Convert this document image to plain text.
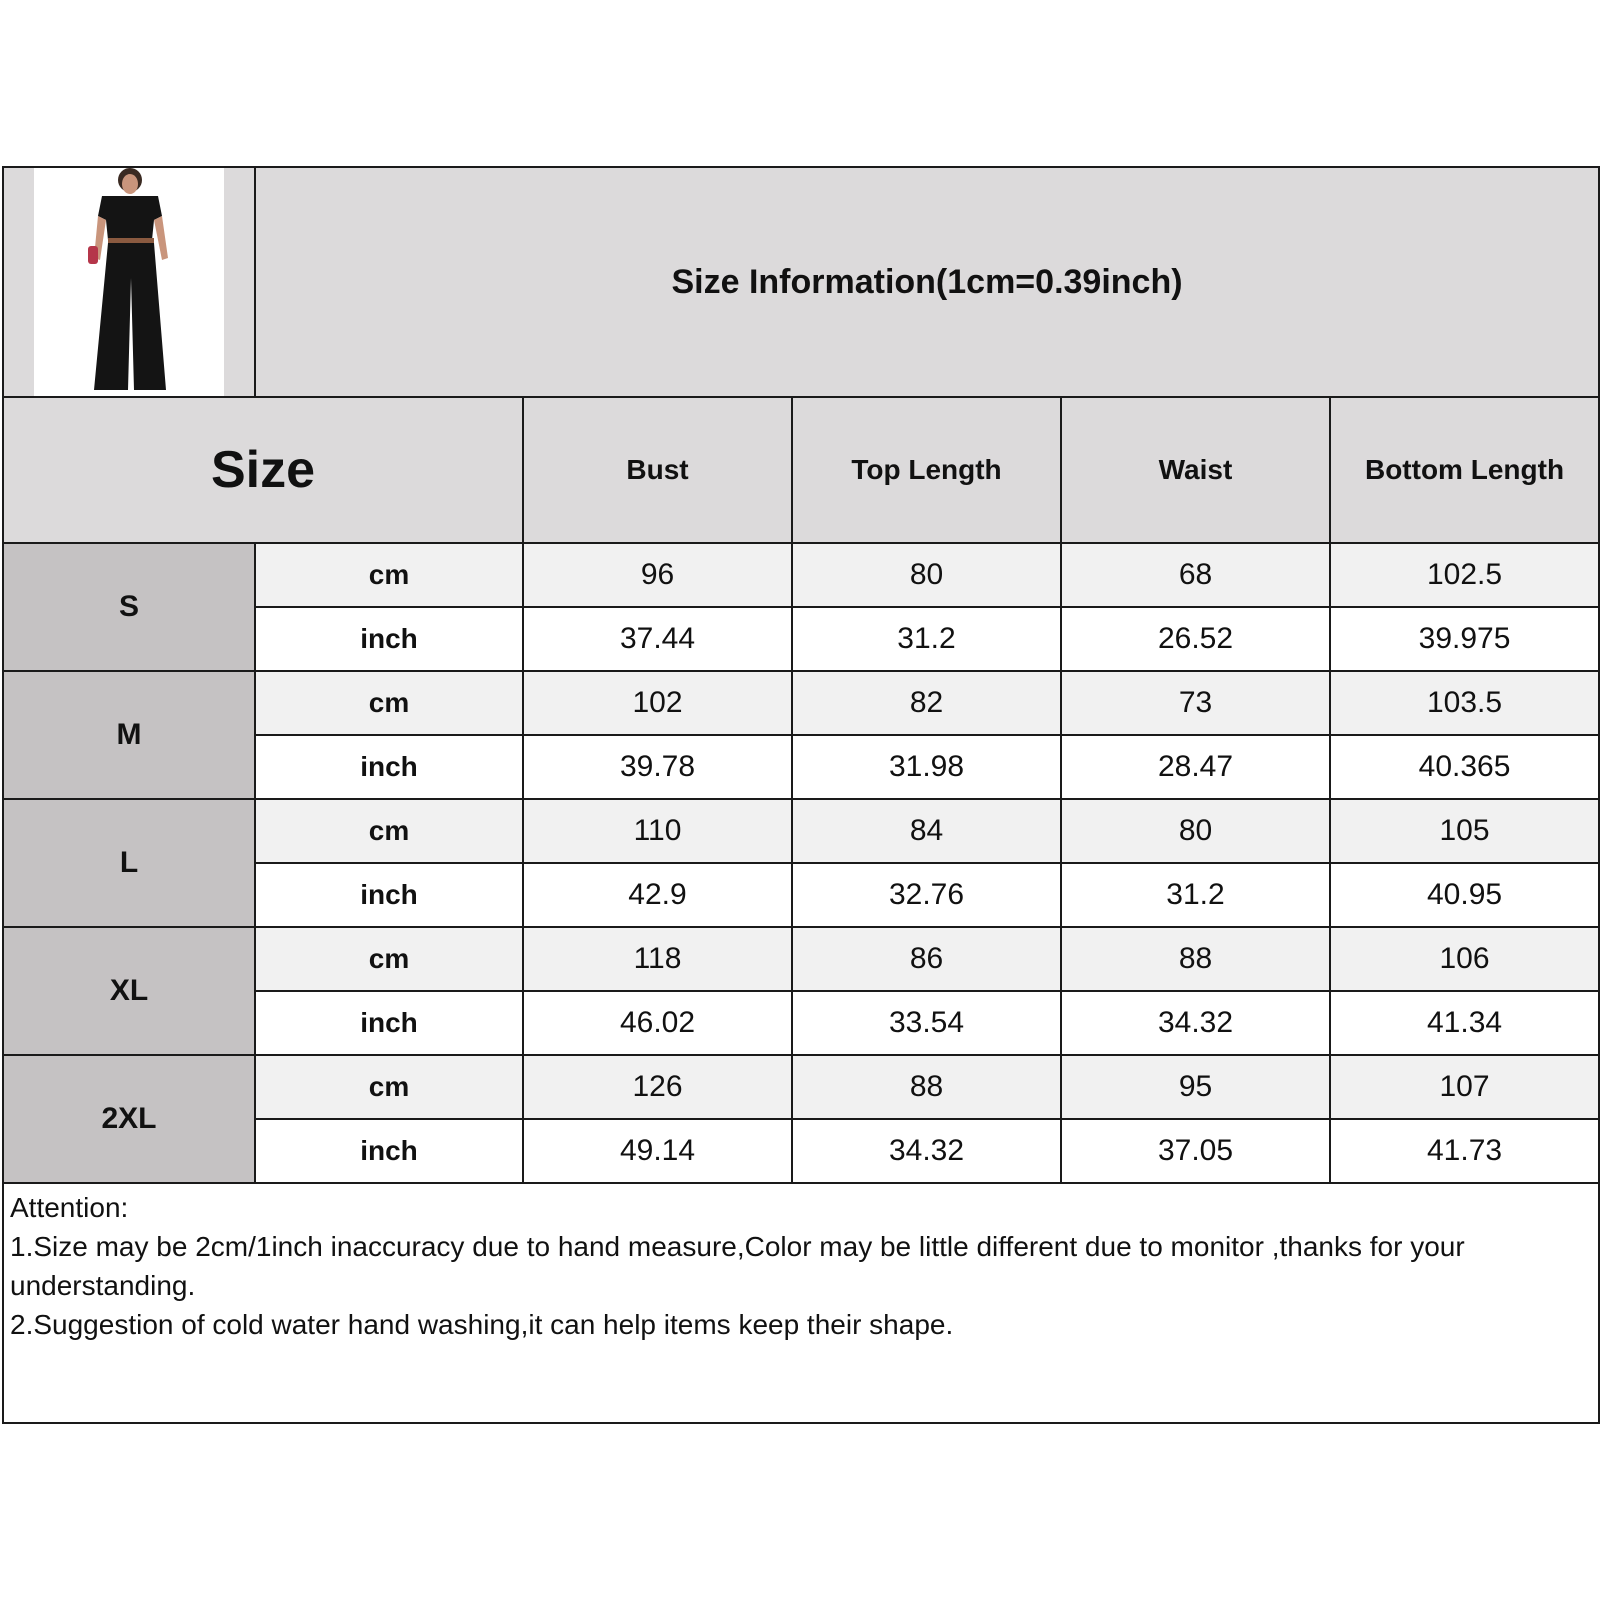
	Size Information(1cm=0.39inch)				
Size		Bust	Top Length	Waist	Bottom Length
S	cm	96	80	68	102.5
	inch	37.44	31.2	26.52	39.975
M	cm	102	82	73	103.5
	inch	39.78	31.98	28.47	40.365
L	cm	110	84	80	105
	inch	42.9	32.76	31.2	40.95
XL	cm	118	86	88	106
	inch	46.02	33.54	34.32	41.34
2XL	cm	126	88	95	107
	inch	49.14	34.32	37.05	41.73

Attention:
1.Size may be 2cm/1inch inaccuracy due to hand measure,Color may be little different due to monitor ,thanks for your understanding.
2.Suggestion of cold water hand washing,it can help items keep their shape.					
